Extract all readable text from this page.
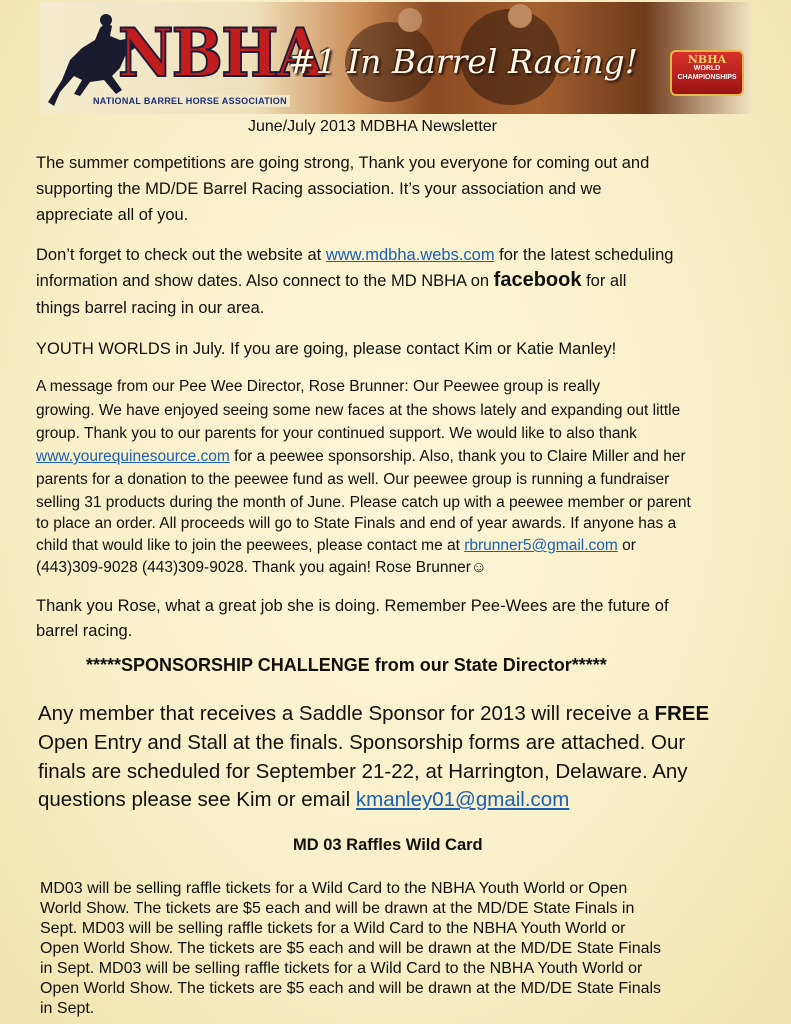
NBHA
NATIONAL BARREL HORSE ASSOCIATION
#1 In Barrel Racing!	NBHA
WORLD
CHAMPIONSHIPS
June/July 2013 MDBHA Newsletter
The summer competitions are going strong, Thank you everyone for coming out and
supporting the MD/DE Barrel Racing association. It’s your association and we
appreciate all of you.
Don’t forget to check out the website at www.mdbha.webs.com for the latest scheduling
information and show dates. Also connect to the MD NBHA on facebook for all
things barrel racing in our area.
YOUTH WORLDS in July. If you are going, please contact Kim or Katie Manley!
A message from our Pee Wee Director, Rose Brunner: Our Peewee group is really
growing. We have enjoyed seeing some new faces at the shows lately and expanding out little
group. Thank you to our parents for your continued support. We would like to also thank
www.yourequinesource.com for a peewee sponsorship. Also, thank you to Claire Miller and her
parents for a donation to the peewee fund as well. Our peewee group is running a fundraiser
selling 31 products during the month of June. Please catch up with a peewee member or parent
to place an order. All proceeds will go to State Finals and end of year awards. If anyone has a
child that would like to join the peewees, please contact me at rbrunner5@gmail.com or
(443)309-9028 (443)309-9028. Thank you again! Rose Brunner☺
Thank you Rose, what a great job she is doing. Remember Pee-Wees are the future of
barrel racing.
*****SPONSORSHIP CHALLENGE from our State Director*****
Any member that receives a Saddle Sponsor for 2013 will receive a FREE
Open Entry and Stall at the finals. Sponsorship forms are attached. Our
finals are scheduled for September 21-22, at Harrington, Delaware. Any
questions please see Kim or email kmanley01@gmail.com
MD 03 Raffles Wild Card
MD03 will be selling raffle tickets for a Wild Card to the NBHA Youth World or Open
World Show. The tickets are $5 each and will be drawn at the MD/DE State Finals in
Sept. MD03 will be selling raffle tickets for a Wild Card to the NBHA Youth World or
Open World Show. The tickets are $5 each and will be drawn at the MD/DE State Finals
in Sept. MD03 will be selling raffle tickets for a Wild Card to the NBHA Youth World or
Open World Show. The tickets are $5 each and will be drawn at the MD/DE State Finals
in Sept.
